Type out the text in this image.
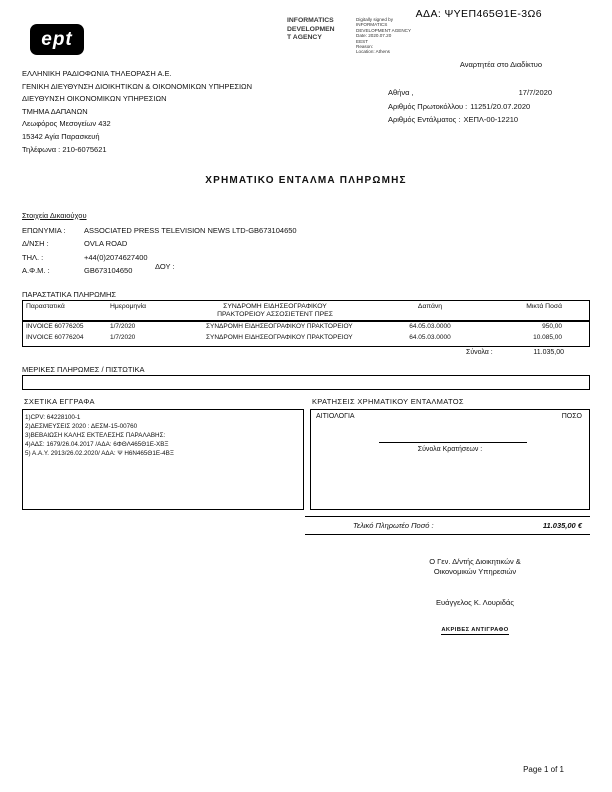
ΑΔΑ: ΨΥΕΠ465Θ1Ε-3Ω6
ept
INFORMATICS
DEVELOPMEN
T AGENCY
Digitally signed by
INFORMATICS
DEVELOPMENT AGENCY
Date: 2020.07.20
EEST
Reason:
Location: Athens
Αναρτητέα στο Διαδίκτυο
ΕΛΛΗΝΙΚΗ ΡΑΔΙΟΦΩΝΙΑ ΤΗΛΕΟΡΑΣΗ Α.Ε.
ΓΕΝΙΚΗ ΔΙΕΥΘΥΝΣΗ ΔΙΟΙΚΗΤΙΚΩΝ & ΟΙΚΟΝΟΜΙΚΩΝ ΥΠΗΡΕΣΙΩΝ
ΔΙΕΥΘΥΝΣΗ ΟΙΚΟΝΟΜΙΚΩΝ ΥΠΗΡΕΣΙΩΝ
ΤΜΗΜΑ ΔΑΠΑΝΩΝ
Λεωφόρος Μεσογείων 432
15342 Αγία Παρασκευή
Τηλέφωνα : 210-6075621
Αθήνα ,	17/7/2020
Αριθμός Πρωτοκόλλου : 11251/20.07.2020
Αριθμός Εντάλματος : ΧΕΠΛ-00-12210
ΧΡΗΜΑΤΙΚΟ ΕΝΤΑΛΜΑ ΠΛΗΡΩΜΗΣ
Στοιχεία Δικαιούχου
ΕΠΩΝΥΜΙΑ :	ASSOCIATED PRESS TELEVISION NEWS LTD-GB673104650
Δ/ΝΣΗ :	OVLA ROAD
ΤΗΛ. :	+44(0)2074627400
Α.Φ.Μ. :	GB673104650	ΔΟΥ :
ΠΑΡΑΣΤΑΤΙΚΑ ΠΛΗΡΩΜΗΣ
Παραστατικά	Ημερομηνία	ΣΥΝΔΡΟΜΗ ΕΙΔΗΣΕΟΓΡΑΦΙΚΟΥ
ΠΡΑΚΤΟΡΕΙΟΥ ΑΣΣΟΣΙΕΤΕΝΤ ΠΡΕΣ
Δαπάνη	Μικτά Ποσά
INVOICE 60776205	1/7/2020	ΣΥΝΔΡΟΜΗ ΕΙΔΗΣΕΟΓΡΑΦΙΚΟΥ ΠΡΑΚΤΟΡΕΙΟΥ	64.05.03.0000	950,00
INVOICE 60776204	1/7/2020	ΣΥΝΔΡΟΜΗ ΕΙΔΗΣΕΟΓΡΑΦΙΚΟΥ ΠΡΑΚΤΟΡΕΙΟΥ	64.05.03.0000	10.085,00
Σύνολα :	11.035,00
ΜΕΡΙΚΕΣ ΠΛΗΡΩΜΕΣ / ΠΙΣΤΩΤΙΚΑ
ΣΧΕΤΙΚΑ ΕΓΓΡΑΦΑ	ΚΡΑΤΗΣΕΙΣ ΧΡΗΜΑΤΙΚΟΥ ΕΝΤΑΛΜΑΤΟΣ
1)CPV: 64228100-1
2)ΔΕΣΜΕΥΣΕΙΣ 2020 : ΔΕΣΜ-15-00760
3)ΒΕΒΑΙΩΣΗ ΚΑΛΗΣ ΕΚΤΕΛΕΣΗΣ ΠΑΡΑΛΑΒΗΣ:
4)ΑΔΣ: 1679/26.04.2017 /ΑΔΑ: 6ΦΘΛ465Θ1Ε-ΧΒΞ
5) Α.Α.Υ. 2913/26.02.2020/ ΑΔΑ: Ψ Η6Ν465Θ1Ε-4ΒΞ
ΑΙΤΙΟΛΟΓΙΑ	ΠΟΣΟ
Σύνολα Κρατήσεων :
Τελικό Πληρωτέο Ποσό :	11.035,00 €
Ο Γεν. Δ/ντής Διοικητικών &
Οικονομικών Υπηρεσιών
Ευάγγελος Κ. Λουριδάς
ΑΚΡΙΒΕΣ ΑΝΤΙΓΡΑΦΟ
Page 1 of 1
